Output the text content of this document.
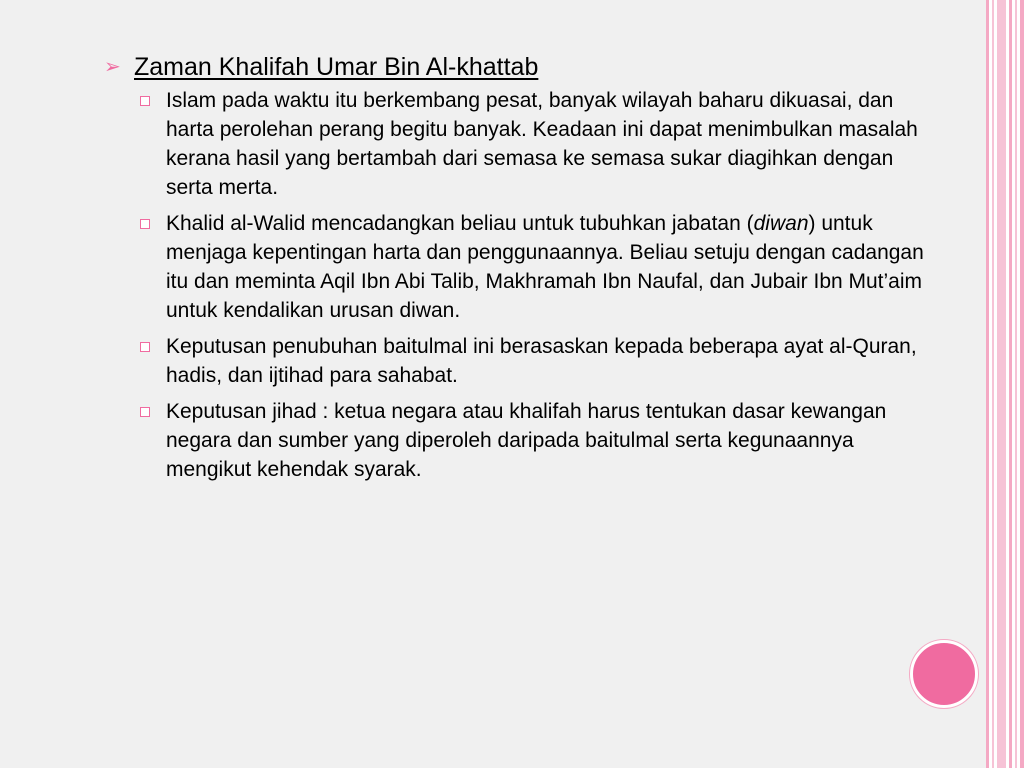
➢ Zaman Khalifah Umar Bin Al-khattab
Islam pada waktu itu berkembang pesat, banyak wilayah baharu dikuasai, dan harta perolehan perang begitu banyak. Keadaan ini dapat menimbulkan masalah kerana hasil yang bertambah dari semasa ke semasa sukar diagihkan dengan serta merta.
Khalid al-Walid mencadangkan beliau untuk tubuhkan jabatan (diwan) untuk menjaga kepentingan harta dan penggunaannya. Beliau setuju dengan cadangan itu dan meminta Aqil Ibn Abi Talib, Makhramah Ibn Naufal, dan Jubair Ibn Mut’aim untuk kendalikan urusan diwan.
Keputusan penubuhan baitulmal ini berasaskan kepada beberapa ayat al-Quran, hadis, dan ijtihad para sahabat.
Keputusan jihad : ketua negara atau khalifah harus tentukan dasar kewangan negara dan sumber yang diperoleh daripada baitulmal serta kegunaannya mengikut kehendak syarak.
